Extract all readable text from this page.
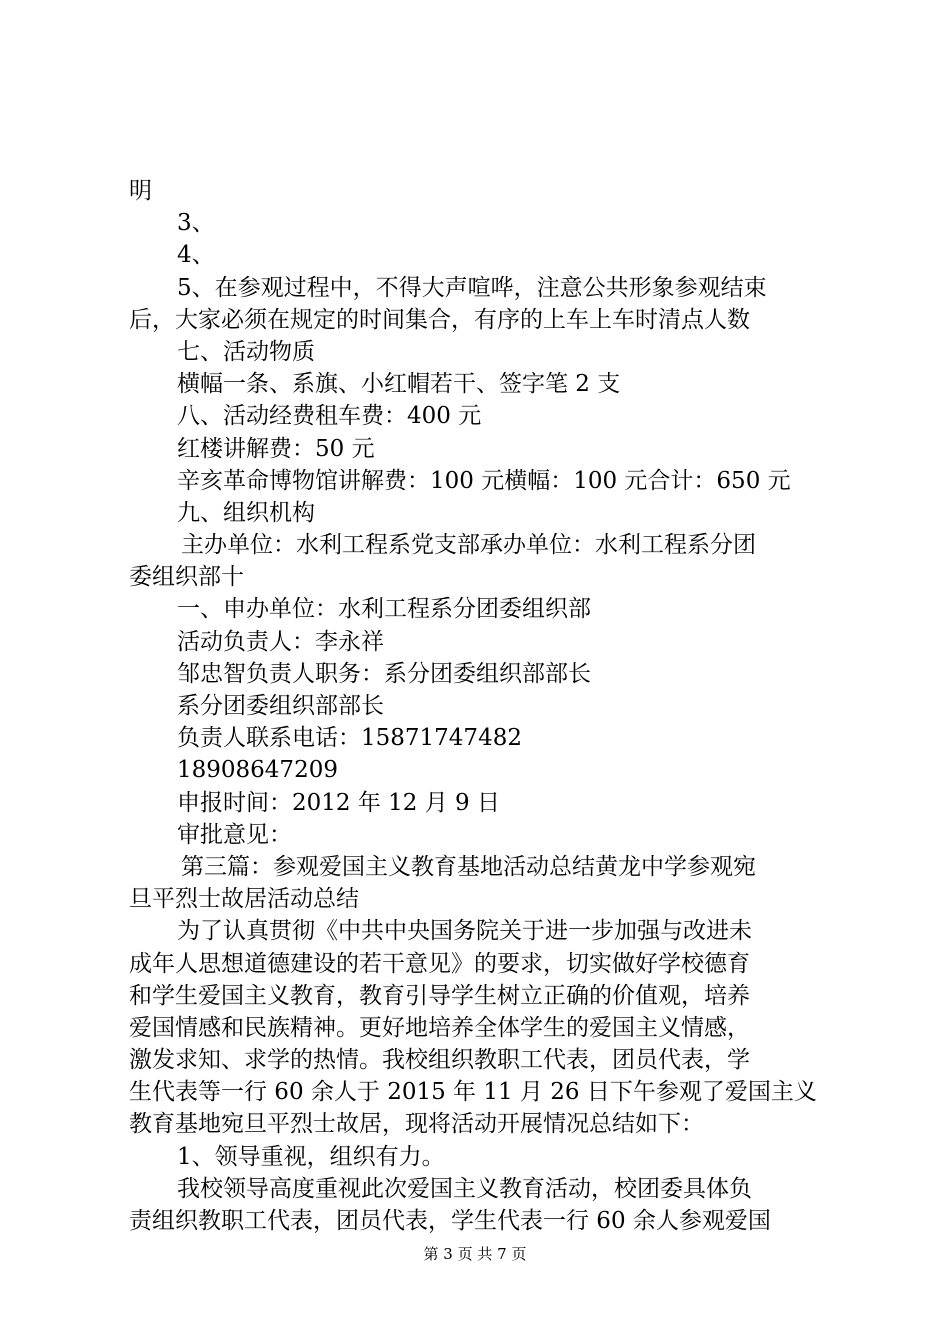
明
3、
4、
5、在参观过程中，不得大声喧哗，注意公共形象参观结束
后，大家必须在规定的时间集合，有序的上车上车时清点人数
七、活动物质
横幅一条、系旗、小红帽若干、签字笔 2 支
八、活动经费租车费：400 元
红楼讲解费：50 元
辛亥革命博物馆讲解费：100 元横幅：100 元合计：650 元
九、组织机构
主办单位：水利工程系党支部承办单位：水利工程系分团
委组织部十
一、申办单位：水利工程系分团委组织部
活动负责人：李永祥
邹忠智负责人职务：系分团委组织部部长
系分团委组织部部长
负责人联系电话：15871747482
18908647209
申报时间：2012 年 12 月 9 日
审批意见：
第三篇：参观爱国主义教育基地活动总结黄龙中学参观宛
旦平烈士故居活动总结
为了认真贯彻《中共中央国务院关于进一步加强与改进未
成年人思想道德建设的若干意见》的要求，切实做好学校德育
和学生爱国主义教育，教育引导学生树立正确的价值观，培养
爱国情感和民族精神。更好地培养全体学生的爱国主义情感，
激发求知、求学的热情。我校组织教职工代表，团员代表，学
生代表等一行 60 余人于 2015 年 11 月 26 日下午参观了爱国主义
教育基地宛旦平烈士故居，现将活动开展情况总结如下：
1、领导重视，组织有力。
我校领导高度重视此次爱国主义教育活动，校团委具体负
责组织教职工代表，团员代表，学生代表一行 60 余人参观爱国
第 3 页 共 7 页
